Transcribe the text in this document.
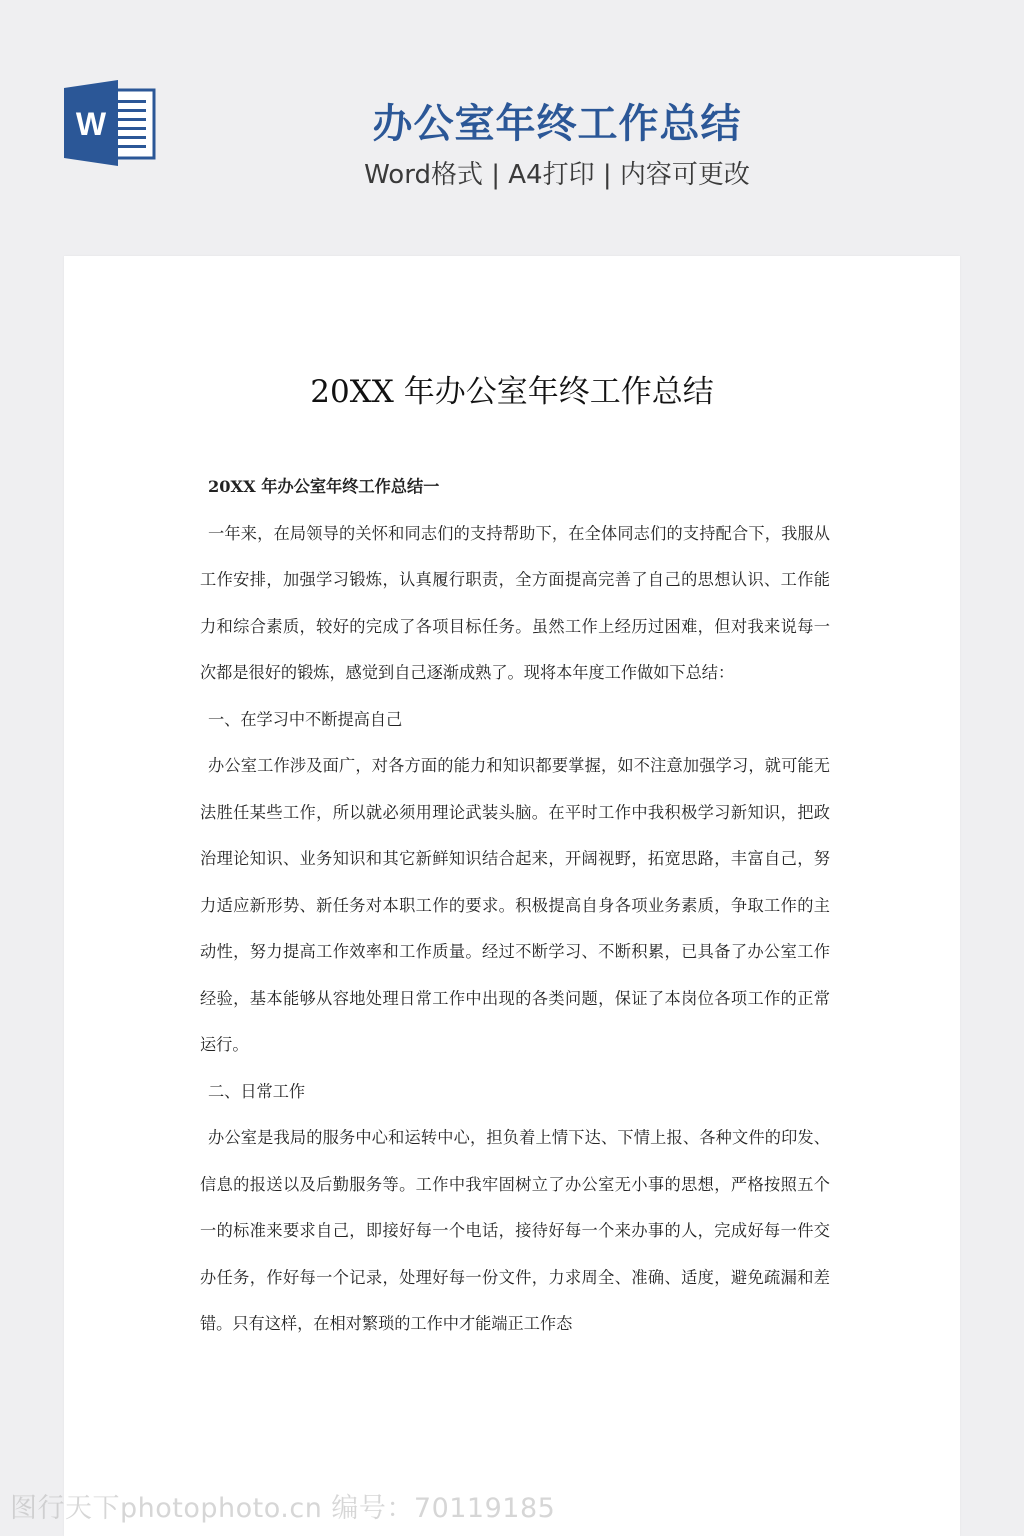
W	办公室年终工作总结
Word格式 | A4打印 | 内容可更改
20XX 年办公室年终工作总结

20XX 年办公室年终工作总结一

一年来，在局领导的关怀和同志们的支持帮助下，在全体同志们的支持配合下，我服从工作安排，加强学习锻炼，认真履行职责，全方面提高完善了自己的思想认识、工作能力和综合素质，较好的完成了各项目标任务。虽然工作上经历过困难，但对我来说每一次都是很好的锻炼，感觉到自己逐渐成熟了。现将本年度工作做如下总结：

一、在学习中不断提高自己

办公室工作涉及面广，对各方面的能力和知识都要掌握，如不注意加强学习，就可能无法胜任某些工作，所以就必须用理论武装头脑。在平时工作中我积极学习新知识，把政治理论知识、业务知识和其它新鲜知识结合起来，开阔视野，拓宽思路，丰富自己，努力适应新形势、新任务对本职工作的要求。积极提高自身各项业务素质，争取工作的主动性，努力提高工作效率和工作质量。经过不断学习、不断积累，已具备了办公室工作经验，基本能够从容地处理日常工作中出现的各类问题，保证了本岗位各项工作的正常运行。

二、日常工作

办公室是我局的服务中心和运转中心，担负着上情下达、下情上报、各种文件的印发、信息的报送以及后勤服务等。工作中我牢固树立了办公室无小事的思想，严格按照五个一的标准来要求自己，即接好每一个电话，接待好每一个来办事的人，完成好每一件交办任务，作好每一个记录，处理好每一份文件，力求周全、准确、适度，避免疏漏和差错。只有这样，在相对繁琐的工作中才能端正工作态

图行天下photophoto.cn 编号：70119185
